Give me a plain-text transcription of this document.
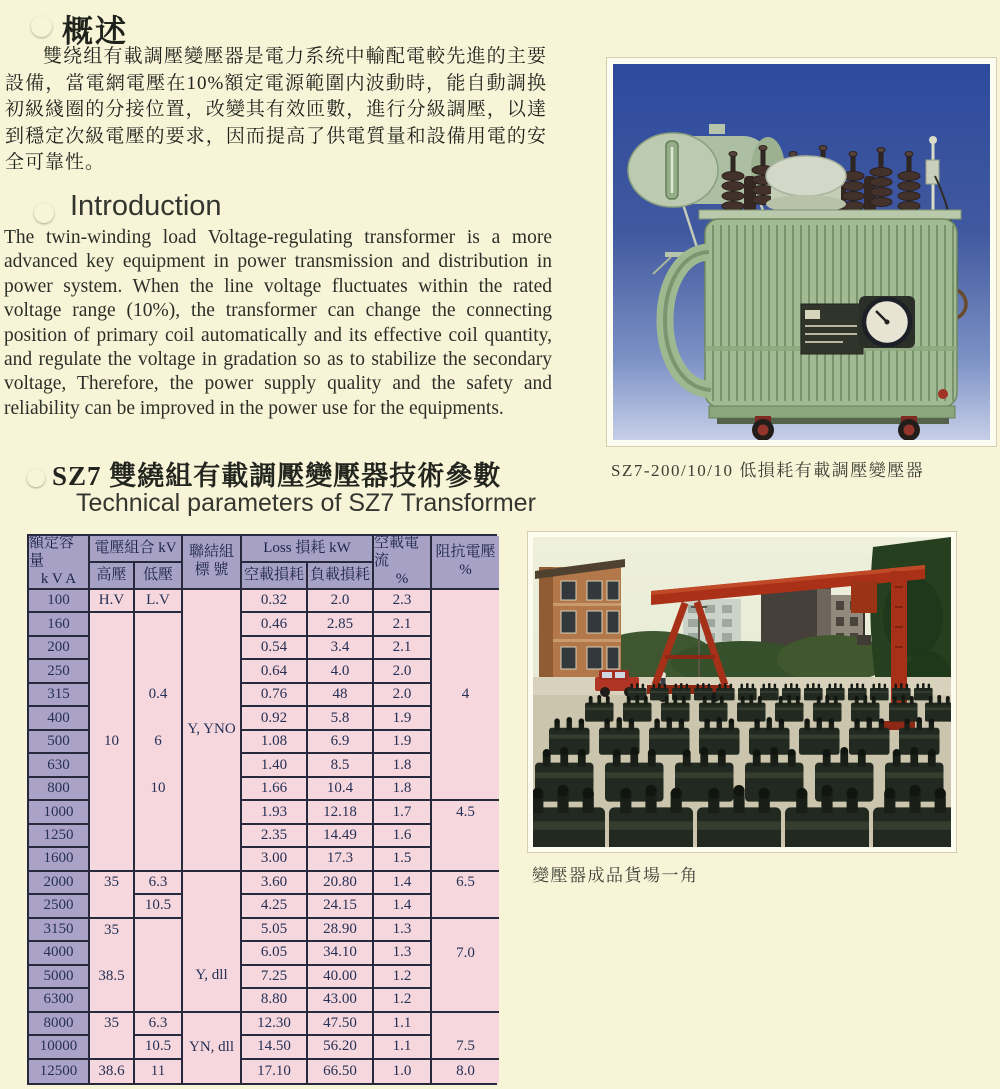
概述
雙绕组有載調壓變壓器是電力系统中輸配電較先進的主要設備，當電網電壓在10%額定電源範圍内波動時，能自動調换初級綫圈的分接位置，改變其有效匝數，進行分級調壓，以達到穩定次級電壓的要求，因而提高了供電質量和設備用電的安全可靠性。
Introduction
The twin-winding load Voltage-regulating transformer is a more advanced key equipment in power transmission and distribution in power system. When the line voltage fluctuates within the rated voltage range (10%), the transformer can change the connecting position of primary coil automatically and its effective coil quantity, and regulate the voltage in gradation so as to stabilize the secondary voltage, Therefore, the power supply quality and the safety and reliability can be improved in the power use for the equipments.
SZ7-200/10/10 低損耗有載調壓變壓器
SZ7 雙繞組有載調壓變壓器技術參數
Technical parameters of SZ7 Transformer
變壓器成品貨場一角
額定容量
k V A
電壓組合 kV
高壓	低壓
聯結組
標 號
Loss 損耗 kW
空載損耗 負載損耗
空載電流
%
阻抗電壓
%
100
160
200
250
315
400
500
630
800
1000
1250
1600
2000
2500
3150
4000
5000
6300
8000
10000
12500
H.V
10
35
35
38.5
35
38.6
L.V
0.4
6
10
6.3
10.5
6.3
10.5
11
Y, YNO
Y, dll
YN, dll
0.32
0.46
0.54
0.64
0.76
0.92
1.08
1.40
1.66
1.93
2.35
3.00
3.60
4.25
5.05
6.05
7.25
8.80
12.30
14.50
17.10
2.0
2.85
3.4
4.0
48
5.8
6.9
8.5
10.4
12.18
14.49
17.3
20.80
24.15
28.90
34.10
40.00
43.00
47.50
56.20
66.50
2.3
2.1
2.1
2.0
2.0
1.9
1.9
1.8
1.8
1.7
1.6
1.5
1.4
1.4
1.3
1.3
1.2
1.2
1.1
1.1
1.0
4
4.5
6.5
7.0
7.5
8.0
